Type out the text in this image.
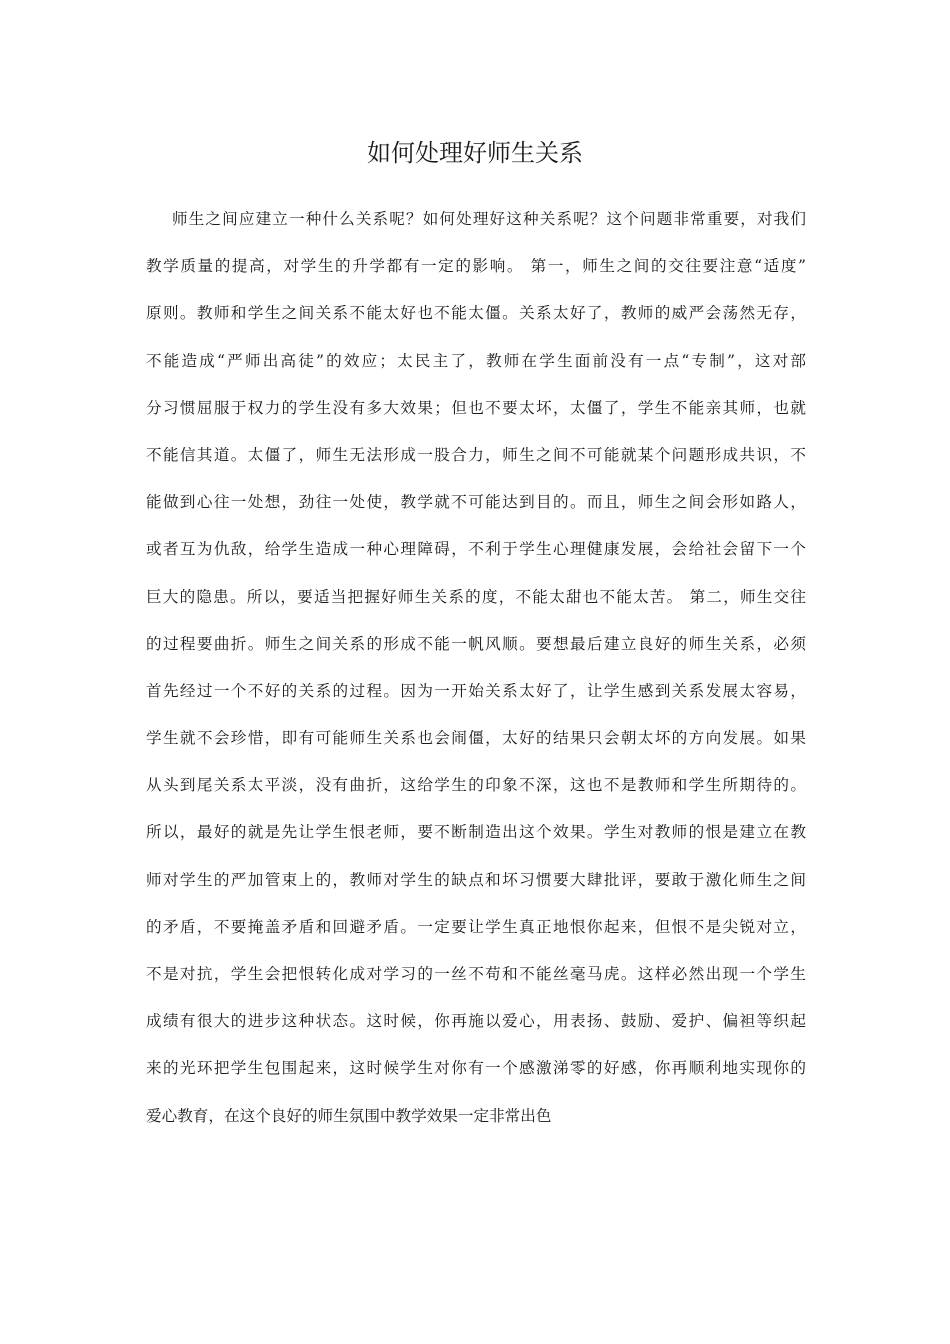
如何处理好师生关系
师生之间应建立一种什么关系呢？如何处理好这种关系呢？这个问题非常重要，对我们
教学质量的提高，对学生的升学都有一定的影响。 第一，师生之间的交往要注意“适度”
原则。教师和学生之间关系不能太好也不能太僵。关系太好了，教师的威严会荡然无存，
不能造成“严师出高徒”的效应；太民主了，教师在学生面前没有一点“专制”，这对部
分习惯屈服于权力的学生没有多大效果；但也不要太坏，太僵了，学生不能亲其师，也就
不能信其道。太僵了，师生无法形成一股合力，师生之间不可能就某个问题形成共识，不
能做到心往一处想，劲往一处使，教学就不可能达到目的。而且，师生之间会形如路人，
或者互为仇敌，给学生造成一种心理障碍，不利于学生心理健康发展，会给社会留下一个
巨大的隐患。所以，要适当把握好师生关系的度，不能太甜也不能太苦。 第二，师生交往
的过程要曲折。师生之间关系的形成不能一帆风顺。要想最后建立良好的师生关系，必须
首先经过一个不好的关系的过程。因为一开始关系太好了，让学生感到关系发展太容易，
学生就不会珍惜，即有可能师生关系也会闹僵，太好的结果只会朝太坏的方向发展。如果
从头到尾关系太平淡，没有曲折，这给学生的印象不深，这也不是教师和学生所期待的。
所以，最好的就是先让学生恨老师，要不断制造出这个效果。学生对教师的恨是建立在教
师对学生的严加管束上的，教师对学生的缺点和坏习惯要大肆批评，要敢于激化师生之间
的矛盾，不要掩盖矛盾和回避矛盾。一定要让学生真正地恨你起来，但恨不是尖锐对立，
不是对抗，学生会把恨转化成对学习的一丝不苟和不能丝毫马虎。这样必然出现一个学生
成绩有很大的进步这种状态。这时候，你再施以爱心，用表扬、鼓励、爱护、偏袒等织起
来的光环把学生包围起来，这时候学生对你有一个感激涕零的好感，你再顺利地实现你的
爱心教育，在这个良好的师生氛围中教学效果一定非常出色
